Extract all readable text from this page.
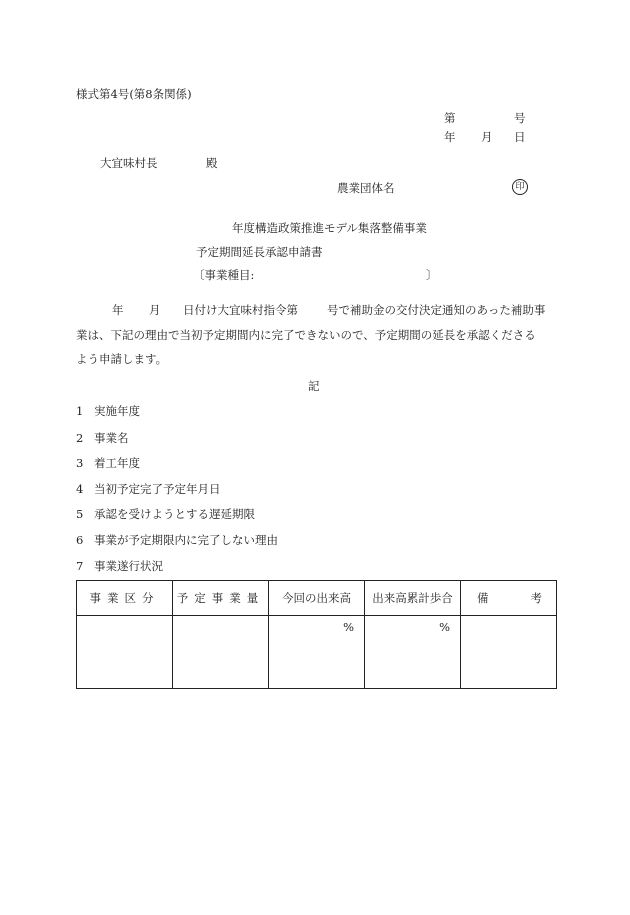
様式第4号(第8条関係)
第	号
年 月 日
大宜味村長	殿
農業団体名	印
年度構造政策推進モデル集落整備事業
予定期間延長承認申請書
〔事業種目:	〕
年 月 日付け大宜味村指令第	号で補助金の交付決定通知のあった補助事
業は、下記の理由で当初予定期間内に完了できないので、予定期間の延長を承認くださる
よう申請します。
記
1 実施年度
2 事業名
3 着工年度
4 当初予定完了予定年月日
5 承認を受けようとする遅延期限
6 事業が予定期限内に完了しない理由
7 事業遂行状況
事業区分	予定事業量	今回の出来高	出来高累計歩合	備 考

		%	%	
